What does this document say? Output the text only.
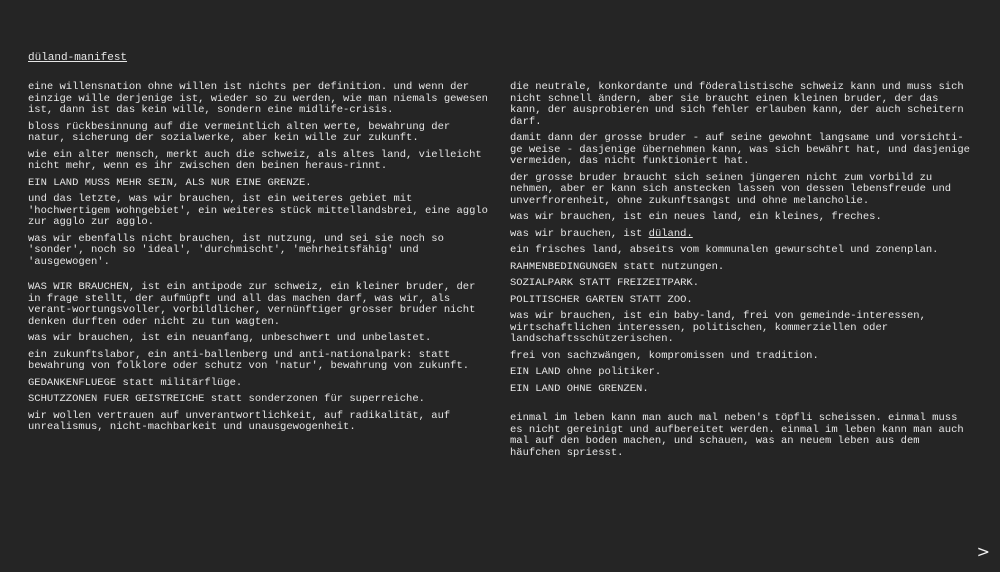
düland-manifest

eine willensnation ohne willen ist nichts per definition. und wenn der einzige wille derjenige ist, wieder so zu werden, wie man niemals gewesen ist, dann ist das kein wille, sondern eine midlife-crisis.

bloss rückbesinnung auf die vermeintlich alten werte, bewahrung der natur, sicherung der sozialwerke, aber kein wille zur zukunft.

wie ein alter mensch, merkt auch die schweiz, als altes land, vielleicht nicht mehr, wenn es ihr zwischen den beinen heraus-rinnt.

EIN LAND MUSS MEHR SEIN, ALS NUR EINE GRENZE.

und das letzte, was wir brauchen, ist ein weiteres gebiet mit 'hochwertigem wohngebiet', ein weiteres stück mittellandsbrei, eine agglo zur agglo zur agglo.

was wir ebenfalls nicht brauchen, ist nutzung, und sei sie noch so 'sonder', noch so 'ideal', 'durchmischt', 'mehrheitsfähig' und 'ausgewogen'.

WAS WIR BRAUCHEN, ist ein antipode zur schweiz, ein kleiner bruder, der in frage stellt, der aufmüpft und all das machen darf, was wir, als verant-wortungsvoller, vorbildlicher, vernünftiger grosser bruder nicht denken durften oder nicht zu tun wagten.

was wir brauchen, ist ein neuanfang, unbeschwert und unbelastet.

ein zukunftslabor, ein anti-ballenberg und anti-nationalpark: statt bewahrung von folklore oder schutz von 'natur', bewahrung von zukunft.

GEDANKENFLUEGE statt militärflüge.

SCHUTZZONEN FUER GEISTREICHE statt sonderzonen für superreiche.

wir wollen vertrauen auf unverantwortlichkeit, auf radikalität, auf unrealismus, nicht-machbarkeit und unausgewogenheit.

die neutrale, konkordante und föderalistische schweiz kann und muss sich nicht schnell ändern, aber sie braucht einen kleinen bruder, der das kann, der ausprobieren und sich fehler erlauben kann, der auch scheitern darf.

damit dann der grosse bruder - auf seine gewohnt langsame und vorsichti-ge weise - dasjenige übernehmen kann, was sich bewährt hat, und dasjenige vermeiden, das nicht funktioniert hat.

der grosse bruder braucht sich seinen jüngeren nicht zum vorbild zu nehmen, aber er kann sich anstecken lassen von dessen lebensfreude und unverfrorenheit, ohne zukunftsangst und ohne melancholie.

was wir brauchen, ist ein neues land, ein kleines, freches.

was wir brauchen, ist düland.

ein frisches land, abseits vom kommunalen gewurschtel und zonenplan.

RAHMENBEDINGUNGEN statt nutzungen.

SOZIALPARK STATT FREIZEITPARK.

POLITISCHER GARTEN STATT ZOO.

was wir brauchen, ist ein baby-land, frei von gemeinde-interessen, wirtschaftlichen interessen, politischen, kommerziellen oder landschaftsschützerischen.

frei von sachzwängen, kompromissen und tradition.

EIN LAND ohne politiker.

EIN LAND OHNE GRENZEN.

einmal im leben kann man auch mal neben's töpfli scheissen. einmal muss es nicht gereinigt und aufbereitet werden. einmal im leben kann man auch mal auf den boden machen, und schauen, was an neuem leben aus dem häufchen spriesst.

>
